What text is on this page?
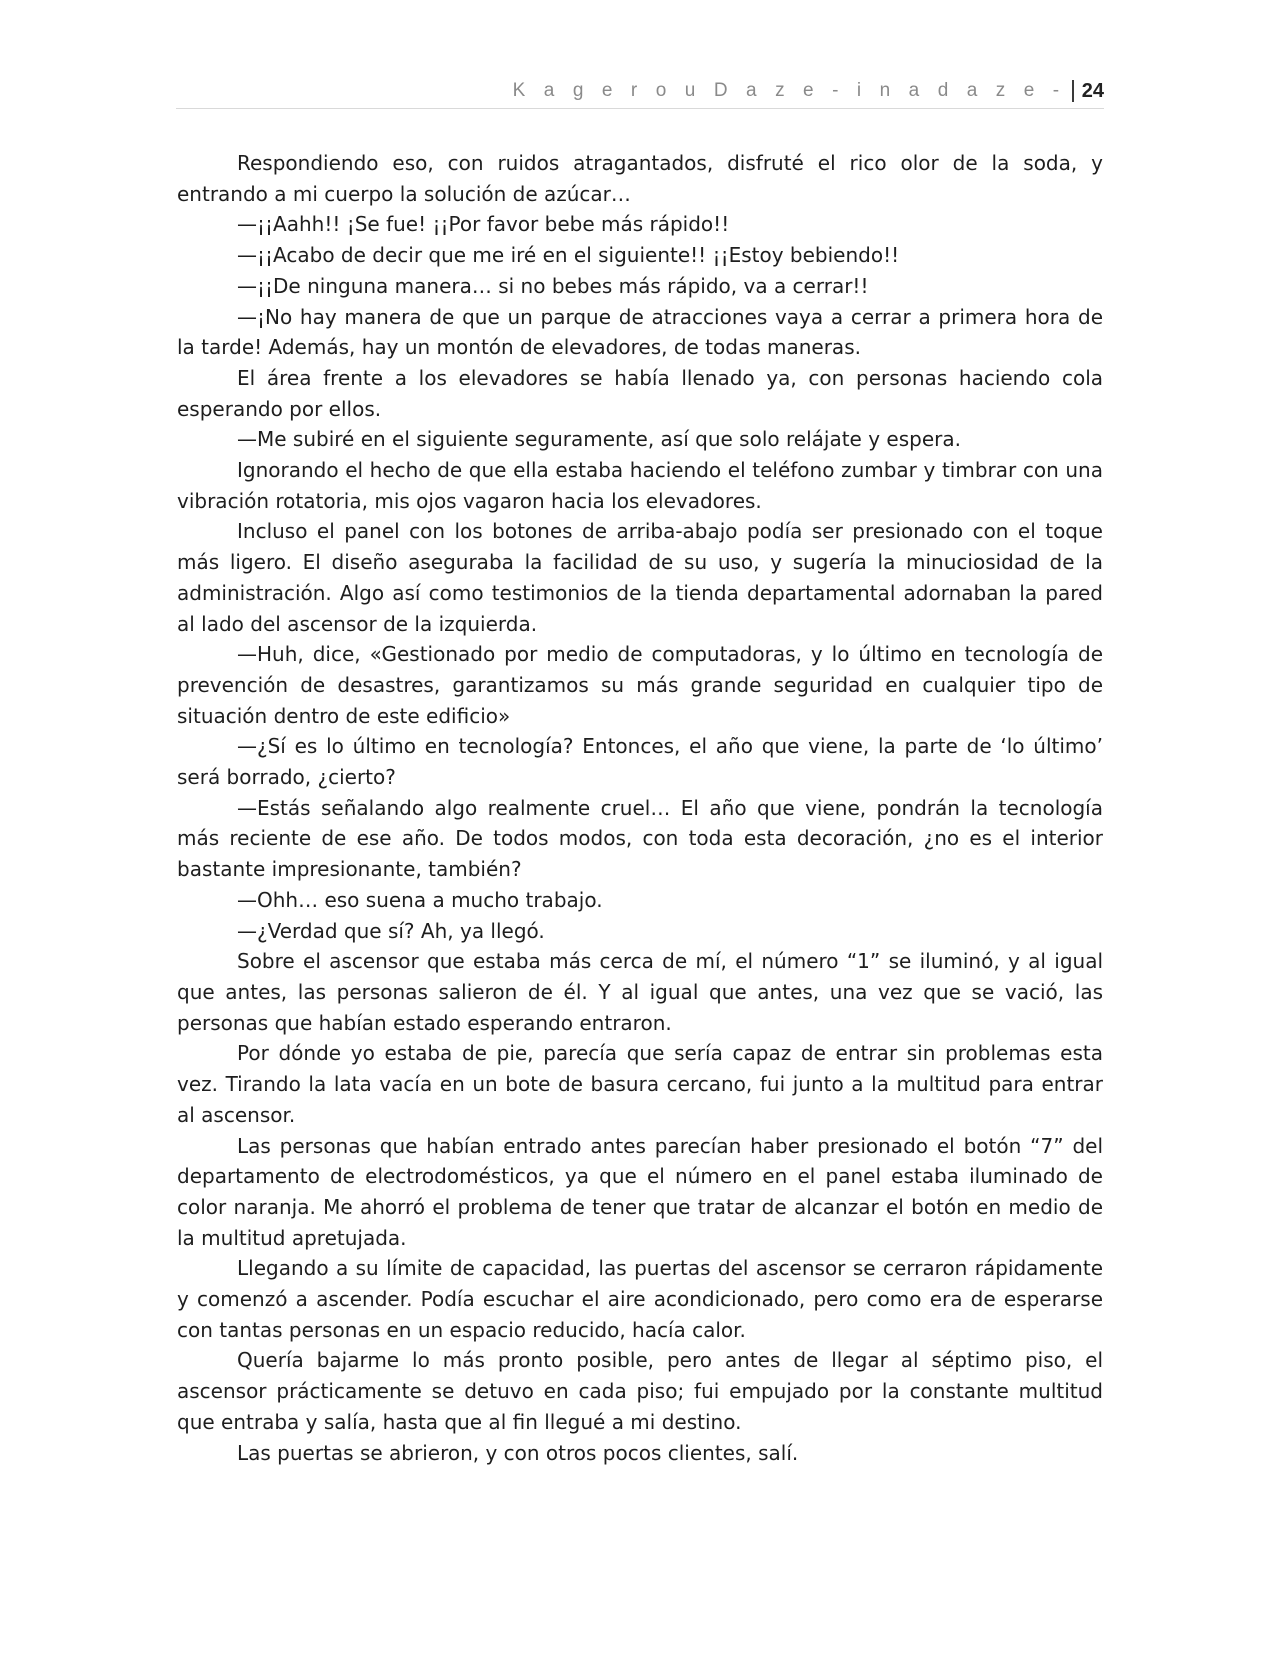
K a g e r o u D a z e - i n a d a z e - 24

Respondiendo eso, con ruidos atragantados, disfruté el rico olor de la soda, y entrando a mi cuerpo la solución de azúcar…

—¡¡Aahh!! ¡Se fue! ¡¡Por favor bebe más rápido!!

—¡¡Acabo de decir que me iré en el siguiente!! ¡¡Estoy bebiendo!!

—¡¡De ninguna manera… si no bebes más rápido, va a cerrar!!

—¡No hay manera de que un parque de atracciones vaya a cerrar a primera hora de la tarde! Además, hay un montón de elevadores, de todas maneras.

El área frente a los elevadores se había llenado ya, con personas haciendo cola esperando por ellos.

—Me subiré en el siguiente seguramente, así que solo relájate y espera.

Ignorando el hecho de que ella estaba haciendo el teléfono zumbar y timbrar con una vibración rotatoria, mis ojos vagaron hacia los elevadores.

Incluso el panel con los botones de arriba-abajo podía ser presionado con el toque más ligero. El diseño aseguraba la facilidad de su uso, y sugería la minuciosidad de la administración. Algo así como testimonios de la tienda departamental adornaban la pared al lado del ascensor de la izquierda.

—Huh, dice, «Gestionado por medio de computadoras, y lo último en tecnología de prevención de desastres, garantizamos su más grande seguridad en cualquier tipo de situación dentro de este edificio»

—¿Sí es lo último en tecnología? Entonces, el año que viene, la parte de ‘lo último’ será borrado, ¿cierto?

—Estás señalando algo realmente cruel… El año que viene, pondrán la tecnología más reciente de ese año. De todos modos, con toda esta decoración, ¿no es el interior bastante impresionante, también?

—Ohh… eso suena a mucho trabajo.

—¿Verdad que sí? Ah, ya llegó.

Sobre el ascensor que estaba más cerca de mí, el número “1” se iluminó, y al igual que antes, las personas salieron de él. Y al igual que antes, una vez que se vació, las personas que habían estado esperando entraron.

Por dónde yo estaba de pie, parecía que sería capaz de entrar sin problemas esta vez. Tirando la lata vacía en un bote de basura cercano, fui junto a la multitud para entrar al ascensor.

Las personas que habían entrado antes parecían haber presionado el botón “7” del departamento de electrodomésticos, ya que el número en el panel estaba iluminado de color naranja. Me ahorró el problema de tener que tratar de alcanzar el botón en medio de la multitud apretujada.

Llegando a su límite de capacidad, las puertas del ascensor se cerraron rápidamente y comenzó a ascender. Podía escuchar el aire acondicionado, pero como era de esperarse con tantas personas en un espacio reducido, hacía calor.

Quería bajarme lo más pronto posible, pero antes de llegar al séptimo piso, el ascensor prácticamente se detuvo en cada piso; fui empujado por la constante multitud que entraba y salía, hasta que al fin llegué a mi destino.

Las puertas se abrieron, y con otros pocos clientes, salí.
